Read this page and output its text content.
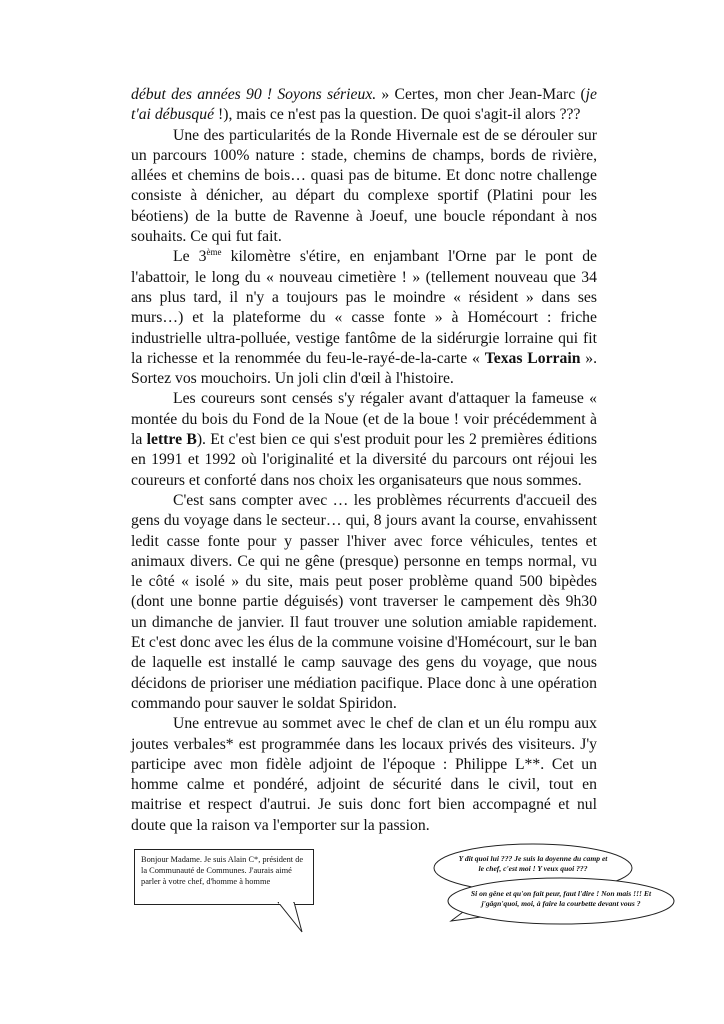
début des années 90 ! Soyons sérieux. » Certes, mon cher Jean-Marc (je t'ai débusqué !), mais ce n'est pas la question. De quoi s'agit-il alors ???

Une des particularités de la Ronde Hivernale est de se dérouler sur un parcours 100% nature : stade, chemins de champs, bords de rivière, allées et chemins de bois… quasi pas de bitume. Et donc notre challenge consiste à dénicher, au départ du complexe sportif (Platini pour les béotiens) de la butte de Ravenne à Joeuf, une boucle répondant à nos souhaits. Ce qui fut fait.

Le 3ème kilomètre s'étire, en enjambant l'Orne par le pont de l'abattoir, le long du « nouveau cimetière ! » (tellement nouveau que 34 ans plus tard, il n'y a toujours pas le moindre « résident » dans ses murs…) et la plateforme du « casse fonte » à Homécourt : friche industrielle ultra-polluée, vestige fantôme de la sidérurgie lorraine qui fit la richesse et la renommée du feu-le-rayé-de-la-carte « Texas Lorrain ». Sortez vos mouchoirs. Un joli clin d'œil à l'histoire.

Les coureurs sont censés s'y régaler avant d'attaquer la fameuse « montée du bois du Fond de la Noue (et de la boue ! voir précédemment à la lettre B). Et c'est bien ce qui s'est produit pour les 2 premières éditions en 1991 et 1992 où l'originalité et la diversité du parcours ont réjoui les coureurs et conforté dans nos choix les organisateurs que nous sommes.

C'est sans compter avec … les problèmes récurrents d'accueil des gens du voyage dans le secteur… qui, 8 jours avant la course, envahissent ledit casse fonte pour y passer l'hiver avec force véhicules, tentes et animaux divers. Ce qui ne gêne (presque) personne en temps normal, vu le côté « isolé » du site, mais peut poser problème quand 500 bipèdes (dont une bonne partie déguisés) vont traverser le campement dès 9h30 un dimanche de janvier. Il faut trouver une solution amiable rapidement. Et c'est donc avec les élus de la commune voisine d'Homécourt, sur le ban de laquelle est installé le camp sauvage des gens du voyage, que nous décidons de prioriser une médiation pacifique. Place donc à une opération commando pour sauver le soldat Spiridon.

Une entrevue au sommet avec le chef de clan et un élu rompu aux joutes verbales* est programmée dans les locaux privés des visiteurs. J'y participe avec mon fidèle adjoint de l'époque : Philippe L**. Cet un homme calme et pondéré, adjoint de sécurité dans le civil, tout en maitrise et respect d'autrui. Je suis donc fort bien accompagné et nul doute que la raison va l'emporter sur la passion.

Bonjour Madame. Je suis Alain C*, président de la Communauté de Communes. J'aurais aimé parler à votre chef, d'homme à homme
Y dit quoi lui ??? Je suis la doyenne du camp et le chef, c'est moi ! Y veux quoi ???
Si on gêne et qu'on fait peur, faut l'dire ! Non mais !!! Et j'gâgn'quoi, moi, à faire la courbette devant vous ?
